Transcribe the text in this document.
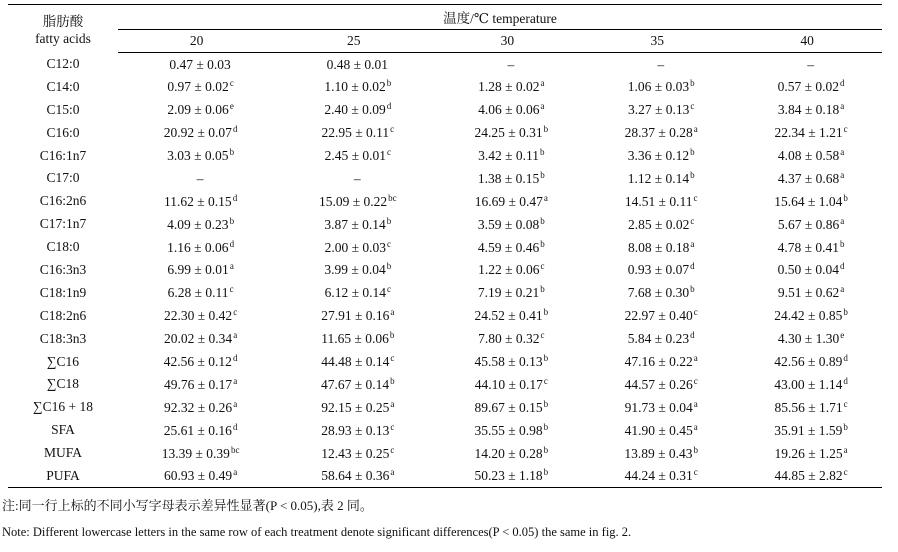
脂肪酸
fatty acids	温度/℃ temperature				
	20	25	30	35	40
C12:0	0.47 ± 0.03	0.48 ± 0.01	–	–	–
C14:0	0.97 ± 0.02$^c$	1.10 ± 0.02$^b$	1.28 ± 0.02$^a$	1.06 ± 0.03$^b$	0.57 ± 0.02$^d$
C15:0	2.09 ± 0.06$^e$	2.40 ± 0.09$^d$	4.06 ± 0.06$^a$	3.27 ± 0.13$^c$	3.84 ± 0.18$^a$
C16:0	20.92 ± 0.07$^d$	22.95 ± 0.11$^c$	24.25 ± 0.31$^b$	28.37 ± 0.28$^a$	22.34 ± 1.21$^c$
C16:1n7	3.03 ± 0.05$^b$	2.45 ± 0.01$^c$	3.42 ± 0.11$^b$	3.36 ± 0.12$^b$	4.08 ± 0.58$^a$
C17:0	–	–	1.38 ± 0.15$^b$	1.12 ± 0.14$^b$	4.37 ± 0.68$^a$
C16:2n6	11.62 ± 0.15$^d$	15.09 ± 0.22$^{bc}$	16.69 ± 0.47$^a$	14.51 ± 0.11$^c$	15.64 ± 1.04$^b$
C17:1n7	4.09 ± 0.23$^b$	3.87 ± 0.14$^b$	3.59 ± 0.08$^b$	2.85 ± 0.02$^c$	5.67 ± 0.86$^a$
C18:0	1.16 ± 0.06$^d$	2.00 ± 0.03$^c$	4.59 ± 0.46$^b$	8.08 ± 0.18$^a$	4.78 ± 0.41$^b$
C16:3n3	6.99 ± 0.01$^a$	3.99 ± 0.04$^b$	1.22 ± 0.06$^c$	0.93 ± 0.07$^d$	0.50 ± 0.04$^d$
C18:1n9	6.28 ± 0.11$^c$	6.12 ± 0.14$^c$	7.19 ± 0.21$^b$	7.68 ± 0.30$^b$	9.51 ± 0.62$^a$
C18:2n6	22.30 ± 0.42$^c$	27.91 ± 0.16$^a$	24.52 ± 0.41$^b$	22.97 ± 0.40$^c$	24.42 ± 0.85$^b$
C18:3n3	20.02 ± 0.34$^a$	11.65 ± 0.06$^b$	7.80 ± 0.32$^c$	5.84 ± 0.23$^d$	4.30 ± 1.30$^e$
∑C16	42.56 ± 0.12$^d$	44.48 ± 0.14$^c$	45.58 ± 0.13$^b$	47.16 ± 0.22$^a$	42.56 ± 0.89$^d$
∑C18	49.76 ± 0.17$^a$	47.67 ± 0.14$^b$	44.10 ± 0.17$^c$	44.57 ± 0.26$^c$	43.00 ± 1.14$^d$
∑C16 + 18	92.32 ± 0.26$^a$	92.15 ± 0.25$^a$	89.67 ± 0.15$^b$	91.73 ± 0.04$^a$	85.56 ± 1.71$^c$
SFA	25.61 ± 0.16$^d$	28.93 ± 0.13$^c$	35.55 ± 0.98$^b$	41.90 ± 0.45$^a$	35.91 ± 1.59$^b$
MUFA	13.39 ± 0.39$^{bc}$	12.43 ± 0.25$^c$	14.20 ± 0.28$^b$	13.89 ± 0.43$^b$	19.26 ± 1.25$^a$
PUFA	60.93 ± 0.49$^a$	58.64 ± 0.36$^a$	50.23 ± 1.18$^b$	44.24 ± 0.31$^c$	44.85 ± 2.82$^c$
注:同一行上标的不同小写字母表示差异性显著(P < 0.05),表 2 同。
Note: Different lowercase letters in the same row of each treatment denote significant differences(P < 0.05) the same in fig. 2.
